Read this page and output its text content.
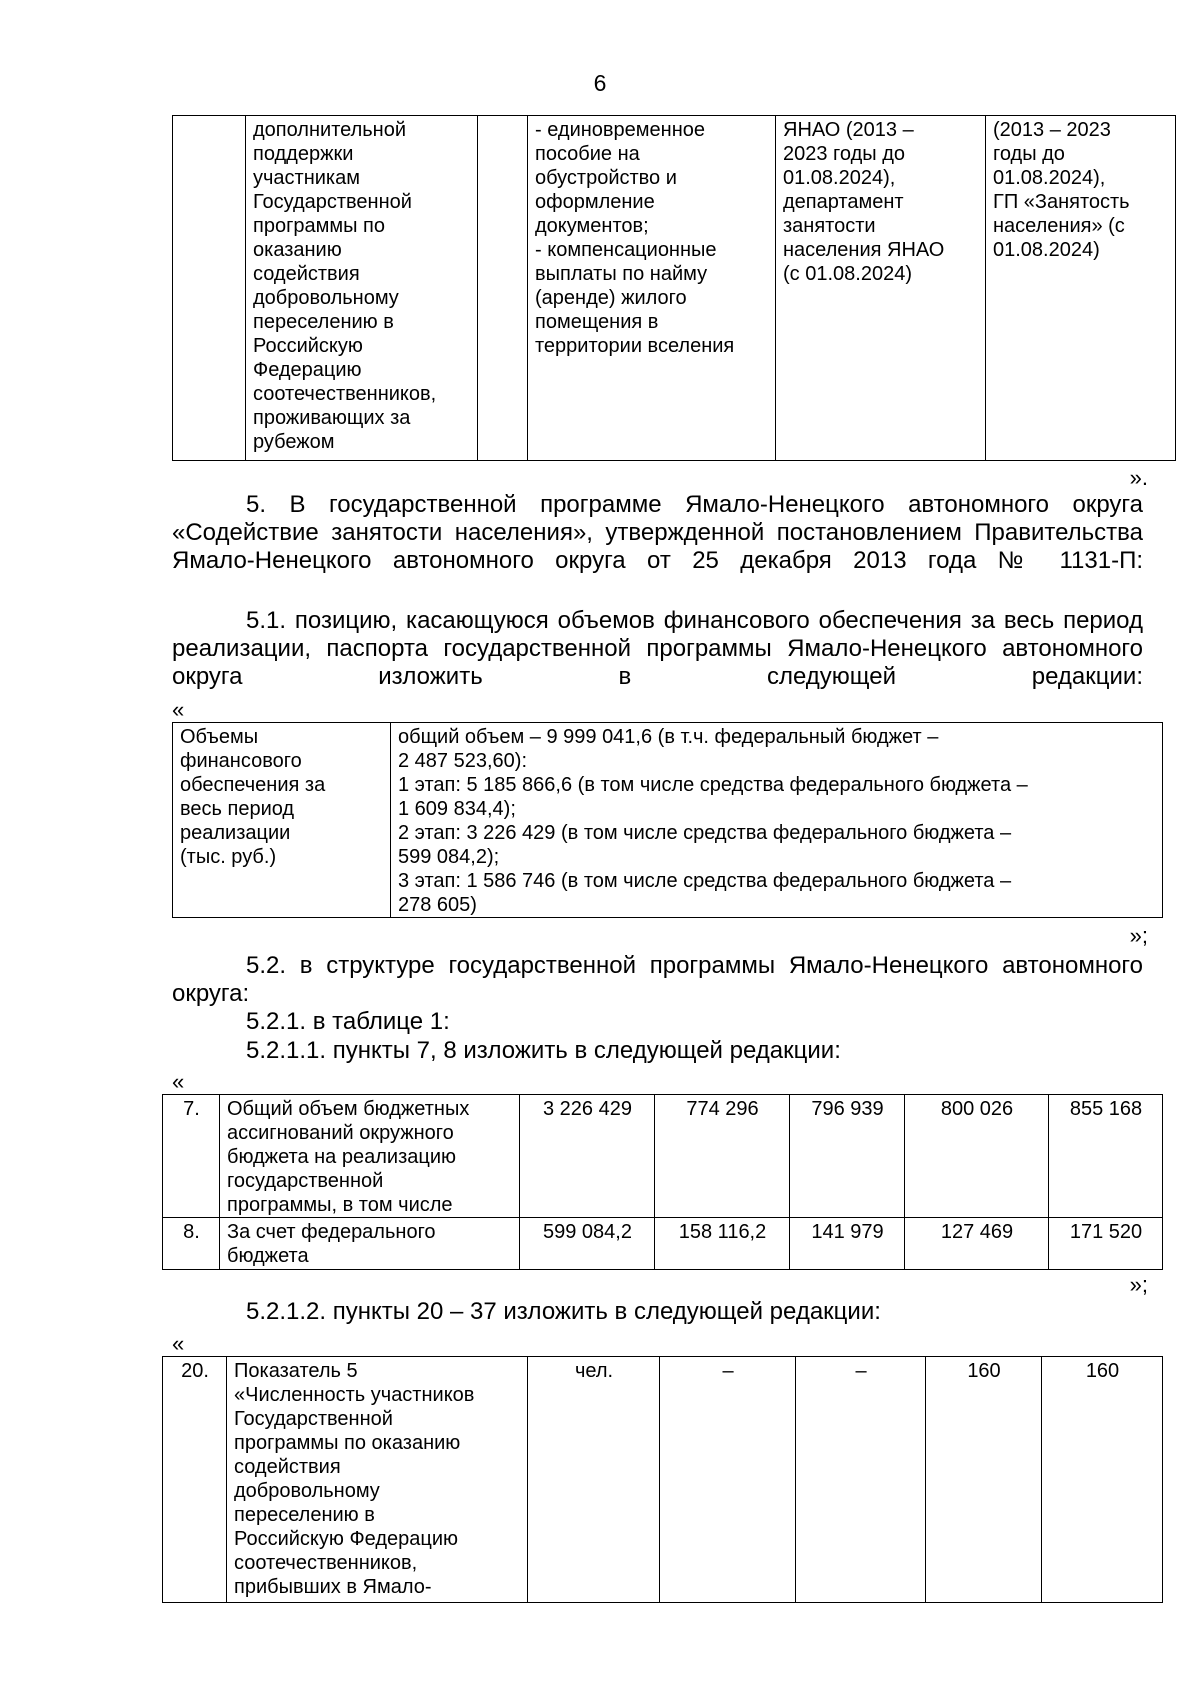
6
	дополнительной
поддержки
участникам
Государственной
программы по
оказанию
содействия
добровольному
переселению в
Российскую
Федерацию
соотечественников,
проживающих за
рубежом		- единовременное
пособие на
обустройство и
оформление
документов;
- компенсационные
выплаты по найму
(аренде) жилого
помещения в
территории вселения	ЯНАО (2013 –
2023 годы до
01.08.2024),
департамент
занятости
населения ЯНАО
(с 01.08.2024)	(2013 – 2023
годы до
01.08.2024),
ГП «Занятость
населения» (с
01.08.2024)
».
5. В государственной программе Ямало-Ненецкого автономного округа «Содействие занятости населения», утвержденной постановлением Правительства Ямало-Ненецкого автономного округа от 25 декабря 2013 года № 1131-П:
5.1. позицию, касающуюся объемов финансового обеспечения за весь период реализации, паспорта государственной программы Ямало-Ненецкого автономного округа изложить в следующей редакции:
«
Объемы
финансового
обеспечения за
весь период
реализации
(тыс. руб.)	общий объем – 9 999 041,6 (в т.ч. федеральный бюджет –
2 487 523,60):
1 этап: 5 185 866,6 (в том числе средства федерального бюджета –
1 609 834,4);
2 этап: 3 226 429 (в том числе средства федерального бюджета –
599 084,2);
3 этап: 1 586 746 (в том числе средства федерального бюджета –
278 605)
»;
5.2. в структуре государственной программы Ямало-Ненецкого автономного округа:
5.2.1. в таблице 1:
5.2.1.1. пункты 7, 8 изложить в следующей редакции:
«
7.	Общий объем бюджетных
ассигнований окружного
бюджета на реализацию
государственной
программы, в том числе	3 226 429	774 296	796 939	800 026	855 168
8.	За счет федерального
бюджета	599 084,2	158 116,2	141 979	127 469	171 520
»;
5.2.1.2. пункты 20 – 37 изложить в следующей редакции:
«
20.	Показатель 5
«Численность участников
Государственной
программы по оказанию
содействия
добровольному
переселению в
Российскую Федерацию
соотечественников,
прибывших в Ямало-	чел.	–	–	160	160
